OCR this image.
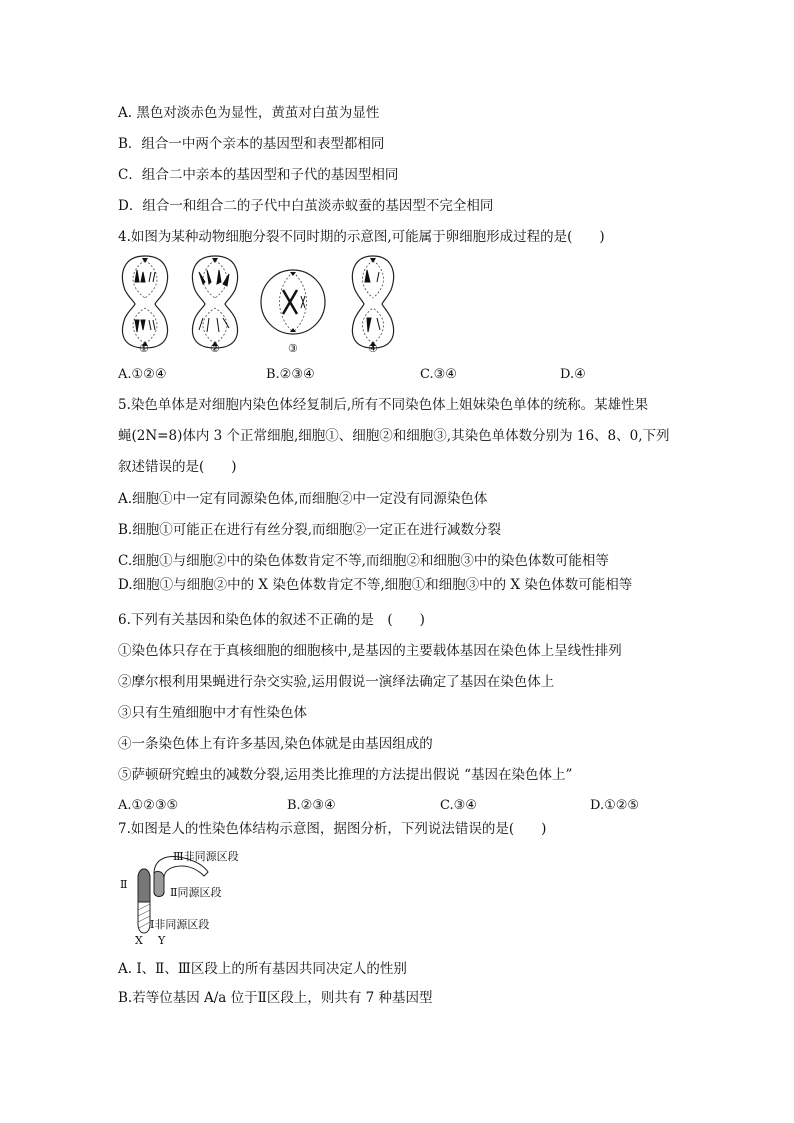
A. 黑色对淡赤色为显性，黄茧对白茧为显性
B．组合一中两个亲本的基因型和表型都相同
C．组合二中亲本的基因型和子代的基因型相同
D．组合一和组合二的子代中白茧淡赤蚁蚕的基因型不完全相同
4.如图为某种动物细胞分裂不同时期的示意图,可能属于卵细胞形成过程的是(　　)
①	②	③	④
A.①②④	B.②③④	C.③④	D.④
5.染色单体是对细胞内染色体经复制后,所有不同染色体上姐妹染色单体的统称。某雄性果
蝇(2N=8)体内 3 个正常细胞,细胞①、细胞②和细胞③,其染色单体数分别为 16、8、0,下列
叙述错误的是(　　)
A.细胞①中一定有同源染色体,而细胞②中一定没有同源染色体
B.细胞①可能正在进行有丝分裂,而细胞②一定正在进行减数分裂
C.细胞①与细胞②中的染色体数肯定不等,而细胞②和细胞③中的染色体数可能相等
D.细胞①与细胞②中的 X 染色体数肯定不等,细胞①和细胞③中的 X 染色体数可能相等
6.下列有关基因和染色体的叙述不正确的是　(　　)
①染色体只存在于真核细胞的细胞核中,是基因的主要载体基因在染色体上呈线性排列
②摩尔根利用果蝇进行杂交实验,运用假说一演绎法确定了基因在染色体上
③只有生殖细胞中才有性染色体
④一条染色体上有许多基因,染色体就是由基因组成的
⑤萨顿研究蝗虫的减数分裂,运用类比推理的方法提出假说 “基因在染色体上”
A.①②③⑤	B.②③④	C.③④	D.①②⑤
7.如图是人的性染色体结构示意图，据图分析，下列说法错误的是(　　)
Ⅲ非同源区段
Ⅱ
Ⅱ同源区段
Ⅰ非同源区段
X Y
A. Ⅰ、Ⅱ、Ⅲ区段上的所有基因共同决定人的性别
B.若等位基因 A/a 位于Ⅱ区段上，则共有 7 种基因型
